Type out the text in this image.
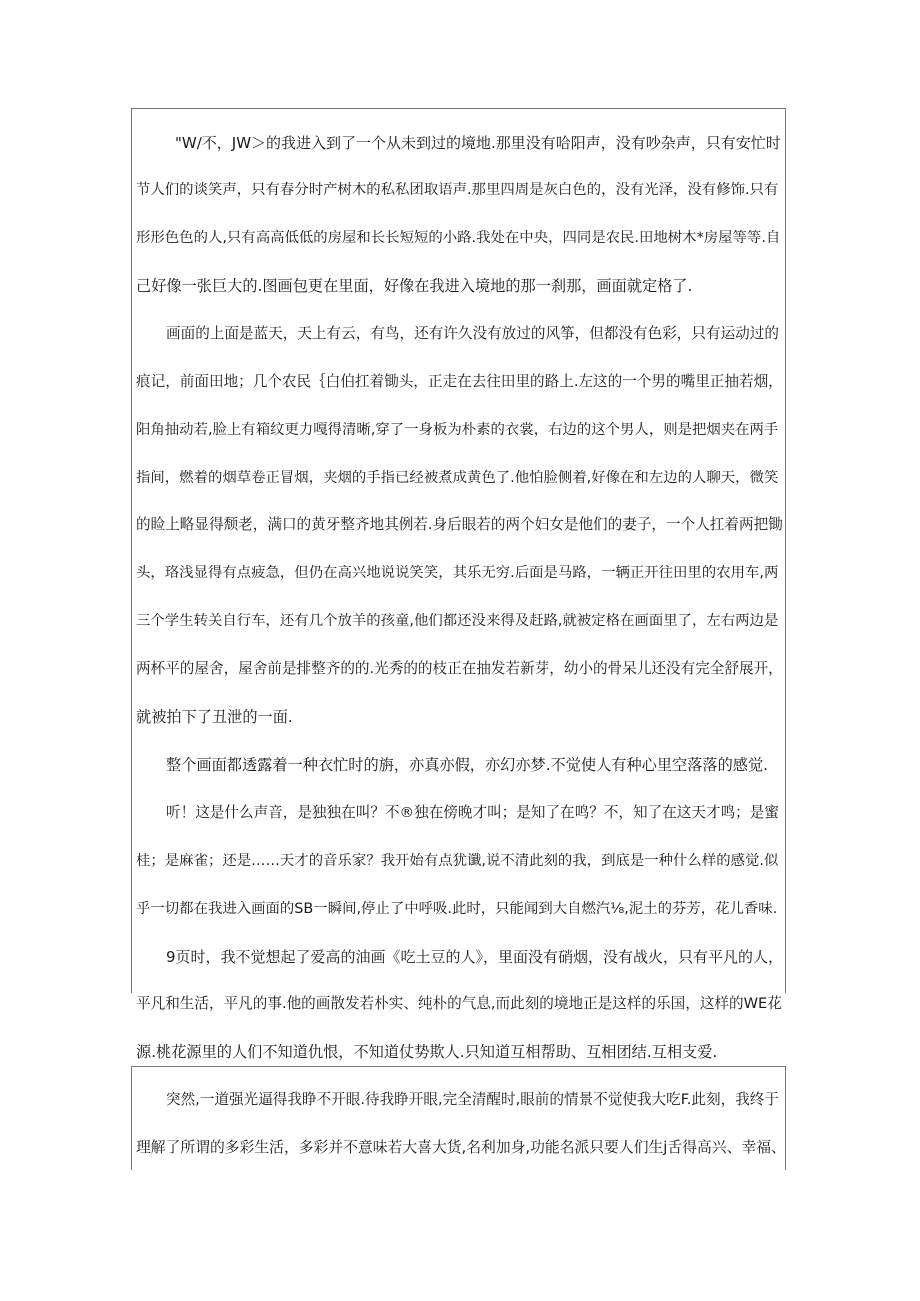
"W∕不，JW＞的我进入到了一个从未到过的境地.那里没有哈阳声，没有吵杂声，只有安忙时
节人们的谈笑声，只有春分时产树木的私私团取语声.那里四周是灰白色的，没有光泽，没有修饰.只有
形形色色的人,只有高高低低的房屋和长长短短的小路.我处在中央，四同是农民.田地树木*房屋等等.自
己好像一张巨大的.图画包更在里面，好像在我进入境地的那一刹那，画面就定格了.
画面的上面是蓝天，天上有云，有鸟，还有许久没有放过的风筝，但都没有色彩，只有运动过的
痕记，前面田地；几个农民｛白伯扛着锄头，正走在去往田里的路上.左这的一个男的嘴里正抽若烟，
阳角抽动若,脸上有箱纹更力嘎得清晰,穿了一身板为朴素的衣裳，右边的这个男人，则是把烟夹在两手
指间，燃着的烟草卷正冒烟，夹烟的手指已经被煮成黄色了.他怕脸侧着,好像在和左边的人聊天，微笑
的睑上略显得颓老，满口的黄牙整齐地其例若.身后眼若的两个妇女是他们的妻子，一个人扛着两把锄
头，珞浅显得有点疲急，但仍在高兴地说说笑笑，其乐无穷.后面是马路，一辆正开往田里的农用车,两
三个学生转关自行车，还有几个放羊的孩童,他们都还没来得及赶路,就被定格在画面里了，左右两边是
两杯平的屋舍，屋舍前是排整齐的的.光秀的的枝正在抽发若新芽，幼小的骨呆儿还没有完全舒展开，
就被拍下了丑泄的一面.
整个画面都透露着一种衣忙时的旃，亦真亦假，亦幻亦梦.不觉使人有种心里空落落的感觉.
听！这是什么声音，是独独在叫？不®独在傍晚才叫；是知了在鸣？不，知了在这天才鸣；是蜜
桂；是麻雀；还是……天才的音乐家？我开始有点犹谶,说不清此刻的我，到底是一种什么样的感觉.似
乎一切都在我进入画面的SB一瞬间,停止了中呼吸.此时，只能闻到大自燃汽⅛,泥土的芬芳，花儿香味.
9页时，我不觉想起了爱高的油画《吃土豆的人》，里面没有硝烟，没有战火，只有平凡的人，
平凡和生活，平凡的事.他的画散发若朴实、纯朴的气息,而此刻的境地正是这样的乐国，这样的WE花
源.桃花源里的人们不知道仇恨，不知道仗势欺人.只知道互相帮助、互相团结.互相支爱.
突然,一道强光逼得我睁不开眼.待我睁开眼,完全清醒时,眼前的情景不觉使我大吃F.此刻，我终于
理解了所谓的多彩生活，多彩并不意味若大喜大货,名利加身,功能名派只要人们生j舌得高兴、幸福、
